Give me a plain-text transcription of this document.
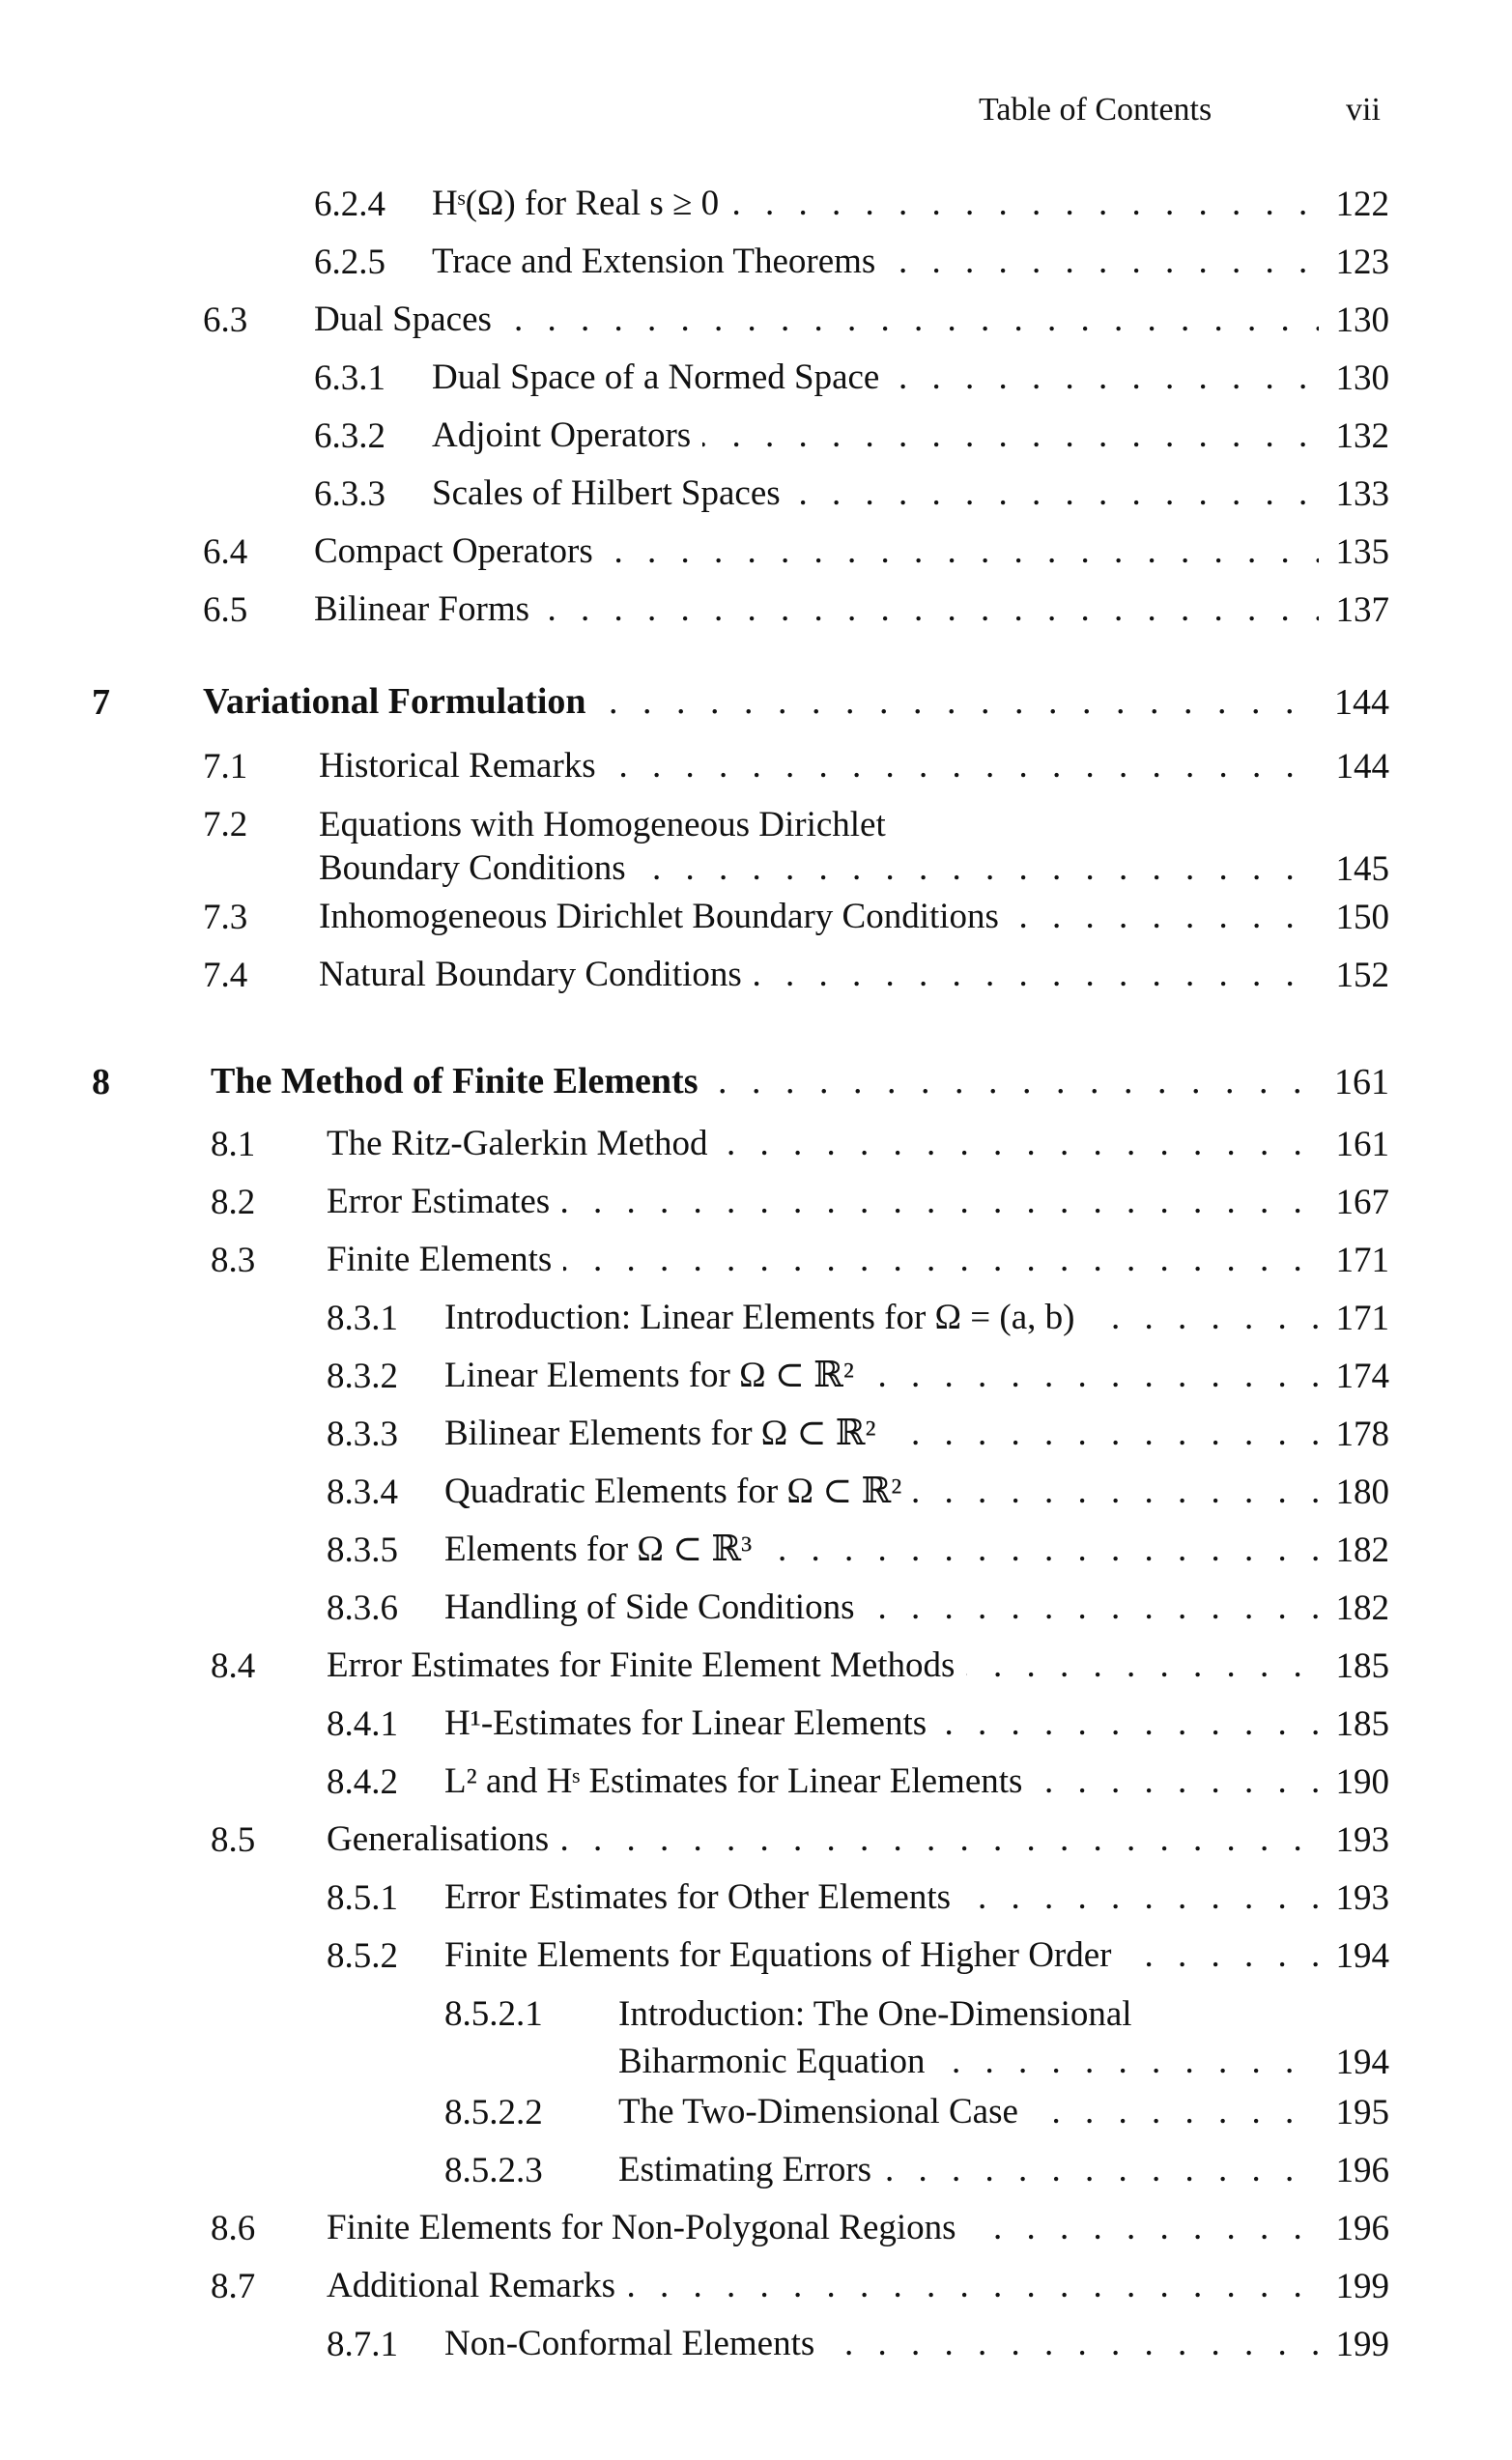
Table of Contents	vii
6.2.4 Hˢ(Ω) for Real s ≥ 0 . . .	122
6.2.5 Trace and Extension Theorems . . .	123
6.3 Dual Spaces . . .	130
6.3.1 Dual Space of a Normed Space . . .	130
6.3.2 Adjoint Operators . . .	132
6.3.3 Scales of Hilbert Spaces . . .	133
6.4 Compact Operators . . .	135
6.5 Bilinear Forms . . .	137
7	Variational Formulation . . .	144
7.1 Historical Remarks . . .	144
7.2 Equations with Homogeneous Dirichlet
Boundary Conditions . . .	145
7.3 Inhomogeneous Dirichlet Boundary Conditions . . .	150
7.4 Natural Boundary Conditions . . .	152
8	The Method of Finite Elements . . .	161
8.1 The Ritz-Galerkin Method . . .	161
8.2 Error Estimates . . .	167
8.3 Finite Elements . . .	171
8.3.1 Introduction: Linear Elements for Ω = (a, b) . . .	171
8.3.2 Linear Elements for Ω ⊂ ℝ² . . .	174
8.3.3 Bilinear Elements for Ω ⊂ ℝ² . . .	178
8.3.4 Quadratic Elements for Ω ⊂ ℝ² . . .	180
8.3.5 Elements for Ω ⊂ ℝ³ . . .	182
8.3.6 Handling of Side Conditions . . .	182
8.4 Error Estimates for Finite Element Methods . . .	185
8.4.1 H¹-Estimates for Linear Elements . . .	185
8.4.2 L² and Hˢ Estimates for Linear Elements . . .	190
8.5 Generalisations . . .	193
8.5.1 Error Estimates for Other Elements . . .	193
8.5.2 Finite Elements for Equations of Higher Order . . .	194
8.5.2.1 Introduction: The One-Dimensional
Biharmonic Equation . . .	194
8.5.2.2 The Two-Dimensional Case . . .	195
8.5.2.3 Estimating Errors . . .	196
8.6 Finite Elements for Non-Polygonal Regions . . .	196
8.7 Additional Remarks . . .	199
8.7.1 Non-Conformal Elements . . .	199
